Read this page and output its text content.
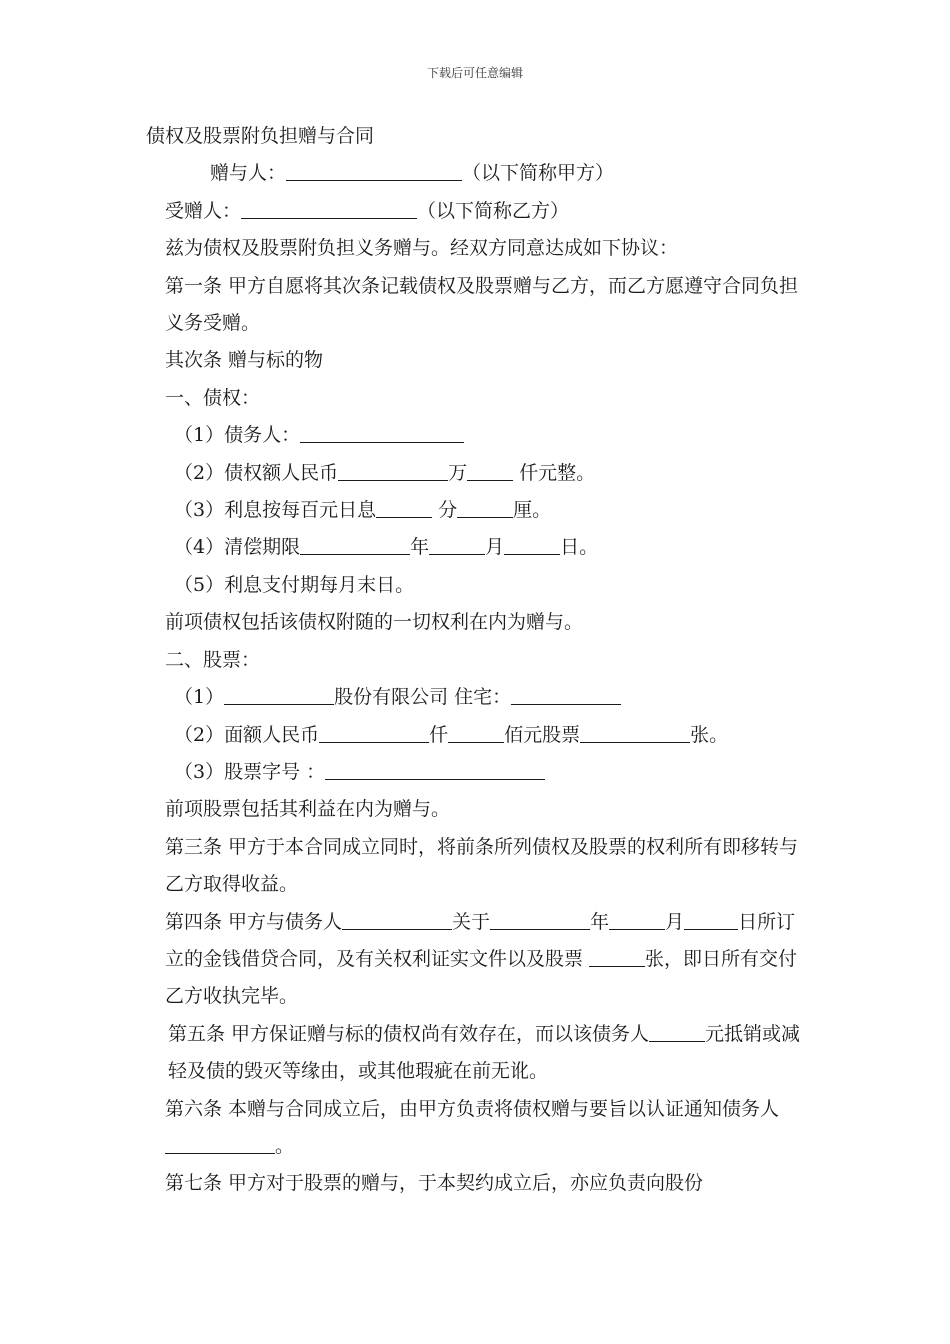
下载后可任意编辑
债权及股票附负担赠与合同
赠与人：	（以下简称甲方）
受赠人：	（以下简称乙方）
兹为债权及股票附负担义务赠与。经双方同意达成如下协议：
第一条 甲方自愿将其次条记载债权及股票赠与乙方，而乙方愿遵守合同负担义务受赠。
其次条 赠与标的物
一、债权：
（1）债务人：
（2）债权额人民币	万 仟元整。
（3）利息按每百元日息	分	厘。
（4）清偿期限	年	月	日。
（5）利息支付期每月末日。
前项债权包括该债权附随的一切权利在内为赠与。
二、股票：
（1）	股份有限公司 住宅：
（2）面额人民币	仟	佰元股票	张。
（3）股票字号 ：
前项股票包括其利益在内为赠与。
第三条 甲方于本合同成立同时，将前条所列债权及股票的权利所有即移转与乙方取得收益。
第四条 甲方与债务人	关于	年	月	日所订立的金钱借贷合同，及有关权利证实文件以及股票	张，即日所有交付乙方收执完毕。
第五条 甲方保证赠与标的债权尚有效存在，而以该债务人	元抵销或减轻及债的毁灭等缘由，或其他瑕疵在前无讹。
第六条 本赠与合同成立后，由甲方负责将债权赠与要旨以认证通知债务人。
第七条 甲方对于股票的赠与，于本契约成立后，亦应负责向股份
